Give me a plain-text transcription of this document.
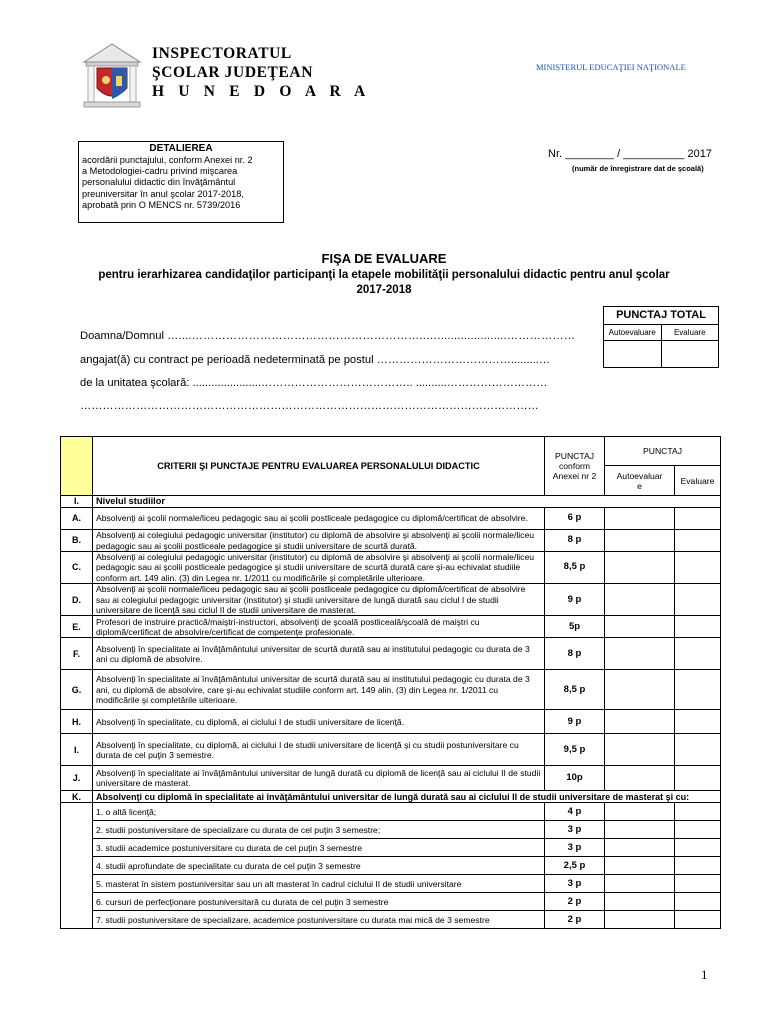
INSPECTORATUL
ŞCOLAR JUDEŢEAN
H U N E D O A R A
MINISTERUL EDUCAŢIEI NAŢIONALE
DETALIEREA
acordării punctajului, conform Anexei nr. 2
a Metodologiei-cadru privind mişcarea
personalului didactic din învăţământul
preuniversitar în anul şcolar 2017-2018,
aprobată prin O MENCS nr. 5739/2016
Nr. ________ / __________ 2017
(număr de înregistrare dat de şcoală)
FIŞA DE EVALUARE
pentru ierarhizarea candidaţilor participanţi la etapele mobilităţii personalului didactic pentru anul şcolar
2017-2018
PUNCTAJ TOTAL
Autoevaluare	Evaluare
Doamna/Domnul …....……………………………………………………..….....................………………
angajat(ă) cu contract pe perioadă nedeterminată pe postul ……………………………….........…
de la unitatea şcolară: ......................………………………………….. ..........………………………
……………………………………………………………………………………………………………
	CRITERII ŞI PUNCTAJE PENTRU EVALUAREA PERSONALULUI DIDACTIC	PUNCTAJ
conform
Anexei nr 2	PUNCTAJ	

			Autoevaluar
e	Evaluare
I.	Nivelul studiilor			
A.	Absolvenţi ai şcolii normale/liceu pedagogic sau ai şcolii postliceale pedagogice cu diplomă/certificat de absolvire.	6 p		
B.	Absolvenţi ai colegiului pedagogic universitar (institutor) cu diplomă de absolvire şi absolvenţi ai şcolii normale/liceu pedagogic sau ai şcolii postliceale pedagogice şi studii universitare de scurtă durată.	8 p		
C.	Absolvenţi ai colegiului pedagogic universitar (institutor) cu diplomă de absolvire şi absolvenţi ai şcolii normale/liceu pedagogic sau ai şcolii postliceale pedagogice şi studii universitare de scurtă durată care şi-au echivalat studiile conform art. 149 alin. (3) din Legea nr. 1/2011 cu modificările şi completările ulterioare.	8,5 p		
D.	Absolvenţi ai şcolii normale/liceu pedagogic sau ai şcolii postliceale pedagogice cu diplomă/certificat de absolvire sau ai colegiului pedagogic universitar (institutor) şi studii universitare de lungă durată sau ciclul I de studii universitare de licenţă sau ciclul II de studii universitare de masterat.	9 p		
E.	Profesori de instruire practică/maiştri-instructori, absolvenţi de şcoală postliceală/şcoală de maiştri cu diplomă/certificat de absolvire/certificat de competenţe profesionale.	5p		
F.	Absolvenţi în specialitate ai învăţământului universitar de scurtă durată sau ai institutului pedagogic cu durata de 3 ani cu diplomă de absolvire.	8 p		
G.	Absolvenţi în specialitate ai învăţământului universitar de scurtă durată sau ai institutului pedagogic cu durata de 3 ani, cu diplomă de absolvire, care şi-au echivalat studiile conform art. 149 alin. (3) din Legea nr. 1/2011 cu modificările şi completările ulterioare.	8,5 p		
H.	Absolvenţi în specialitate, cu diplomă, ai ciclului I de studii universitare de licenţă.	9 p		
I.	Absolvenţi în specialitate, cu diplomă, ai ciclului I de studii universitare de licenţă şi cu studii postuniversitare cu durata de cel puţin 3 semestre.	9,5 p		
J.	Absolvenţi în specialitate ai învăţământului universitar de lungă durată cu diplomă de licenţă sau ai ciclului II de studii universitare de masterat.	10p		
K.	Absolvenţi cu diplomă în specialitate ai învăţământului universitar de lungă durată sau ai ciclului II de studii universitare de masterat şi cu:			
	1. o altă licenţă;	4 p		
	2. studii postuniversitare de specializare cu durata de cel puţin 3 semestre;	3 p		
	3. studii academice postuniversitare cu durata de cel puţin 3 semestre	3 p		
	4. studii aprofundate de specialitate cu durata de cel puţin 3 semestre	2,5 p		
	5. masterat în sistem postuniversitar sau un alt masterat în cadrul ciclului II de studii universitare	3 p		
	6. cursuri de perfecţionare postuniversitară cu durata de cel puţin 3 semestre	2 p		
	7. studii postuniversitare de specializare, academice postuniversitare cu durata mai mică de 3 semestre	2 p		
1
